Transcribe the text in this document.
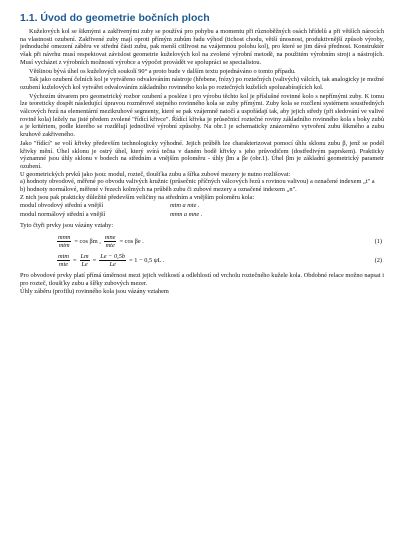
1.1. Úvod do geometrie bočních ploch

Kuželových kol se šikmými a zakřivenými zuby se používá pro pohybu a momentu při různoběžných osách hřídelů a při větších nárocích na vlastnosti ozubení. Zakřivené zuby mají oproti přímým zubům řadu výhod (tichost chodu, větší únosnost, produktivnější způsob výroby, jednoduché omezení záběru ve střední části zubu, pak menší citlivost na vzájemnou polohu kol), pro které se jim dává přednost. Konstruktér však při návrhu musí respektovat závislost geometrie kuželových kol na zvolené výrobní metodě, na použitém výrobním stroji a nástrojích. Musí vycházet z výrobních možností výrobce a výpočet provádět ve spolupráci se specialistou.

Většinou bývá úhel os kuželových soukolí 90° a proto bude v dalším textu pojednáváno o tomto případu.

Tak jako ozubení čelních kol je vytvářeno odvalováním nástroje (hřebene, frézy) po roztečných (valivých) válcích, tak analogicky je možné ozubení kuželových kol vytvářet odvalováním základního rovinného kola po roztečných kuželích spoluzabírajících kol.

Výchozím útvarem pro geometrický rozbor ozubení a posléze i pro výrobu těchto kol je příslušné rovinné kolo s nepřímými zuby. K tomu lze teoreticky dospět následující úpravou rozměrově stejného rovinného kola se zuby přímými. Zuby kola se rozčlení systémem soustředných válcových řezů na elementární mezikruhové segmenty, které se pak vzájemně natočí a uspořádají tak, aby jejich středy (při sledování ve valivé rovině kola) ležely na jisté předem zvolené "řídící křivce". Řídící křivka je průsečnicí roztečné roviny základního rovinného kola s boky zubů a je kritériem, podle kterého se rozdělují jednotlivé výrobní způsoby. Na obr.1 je schematicky znázorněno vytvoření zubu šikmého a zubu kruhově zakřiveného.

Jako "řídící" se volí křivky především technologicky výhodné. Jejich průběh lze charakterizovat pomocí úhlu sklonu zubu β, jenž se podél křivky mění. Úhel sklonu je ostrý úhel, který svírá tečna v daném bodě křivky s jeho průvodičem (dostředivým paprskem). Prakticky významné jsou úhly sklonu v bodech na středním a vnějším poloměru - úhly βm a βe (obr.1). Úhel βm je základní geometrický parametr ozubení.

U geometrických prvků jako jsou: modul, rozteč, tloušťka zubu a šířka zubové mezery je nutno rozlišovat:

a) hodnoty obvodové, měřené po obvodu valivých kružnic (průsečnic příčných válcových řezů s rovinou valivou) a označené indexem „t" a

b) hodnoty normálové, měřené v řezech kolmých na průběh zubu či zubové mezery a označené indexem „n".

Z nich jsou pak prakticky důležité především veličiny na středním a vnějším poloměru kola:

modul obvodový střední a vnější	mtm a mte .
modul normálový střední a vnější	mnm a mne .

Tyto čtyři prvky jsou vázány vztahy:

$\frac{\text{mnm}}{\text{mtm}} = \cos \beta m$ , $\frac{\text{mne}}{\text{mte}} = \cos \beta e$ .	(1)
$\frac{\text{mtm}}{\text{mte}} = \frac{Lm}{Le} = \frac{Le - 0,5b}{Le} = 1 - 0,5$ ψL .	(2)

Pro obvodové prvky platí přímá úměrnost mezi jejich velikostí a odlehlostí od vrcholu roztečného kužele kola. Obdobné relace možno napsat i pro rozteč, tloušťky zubu a šířky zubových mezer.

Úhly záběru (profilu) rovinného kola jsou vázány vztahem
